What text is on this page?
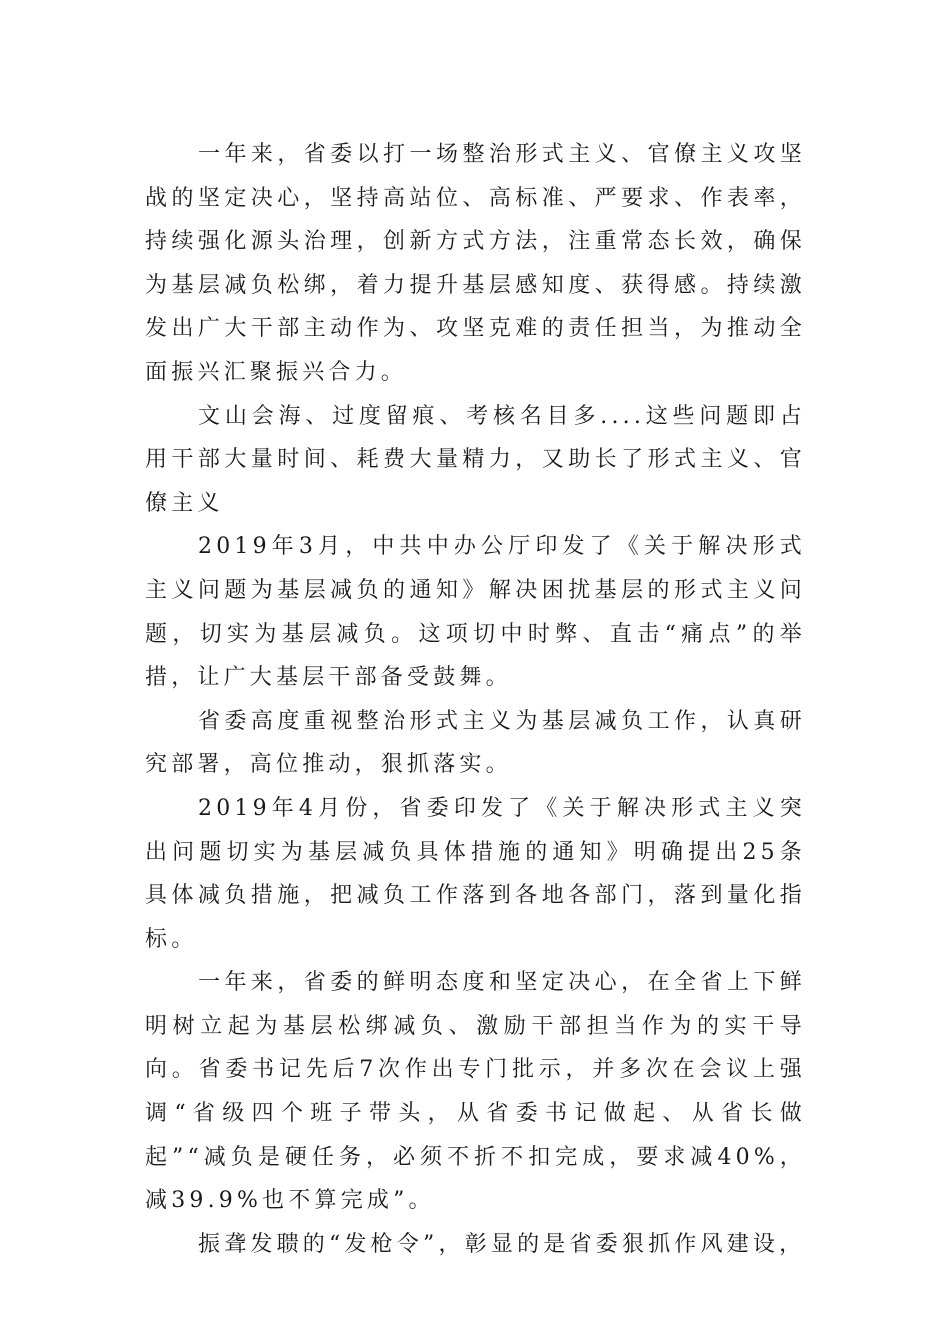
一年来，省委以打一场整治形式主义、官僚主义攻坚战的坚定决心，坚持高站位、高标准、严要求、作表率，持续强化源头治理，创新方式方法，注重常态长效，确保为基层减负松绑，着力提升基层感知度、获得感。持续激发出广大干部主动作为、攻坚克难的责任担当，为推动全面振兴汇聚振兴合力。

文山会海、过度留痕、考核名目多....这些问题即占用干部大量时间、耗费大量精力，又助长了形式主义、官僚主义

2019年3月，中共中办公厅印发了《关于解决形式主义问题为基层减负的通知》解决困扰基层的形式主义问题，切实为基层减负。这项切中时弊、直击“痛点”的举措，让广大基层干部备受鼓舞。

省委高度重视整治形式主义为基层减负工作，认真研究部署，高位推动，狠抓落实。

2019年4月份，省委印发了《关于解决形式主义突出问题切实为基层减负具体措施的通知》明确提出25条具体减负措施，把减负工作落到各地各部门，落到量化指标。

一年来，省委的鲜明态度和坚定决心，在全省上下鲜明树立起为基层松绑减负、激励干部担当作为的实干导向。省委书记先后7次作出专门批示，并多次在会议上强调“省级四个班子带头，从省委书记做起、从省长做起”“减负是硬任务，必须不折不扣完成，要求减40%，减39.9%也不算完成”。

振聋发聩的“发枪令”，彰显的是省委狠抓作风建设，
